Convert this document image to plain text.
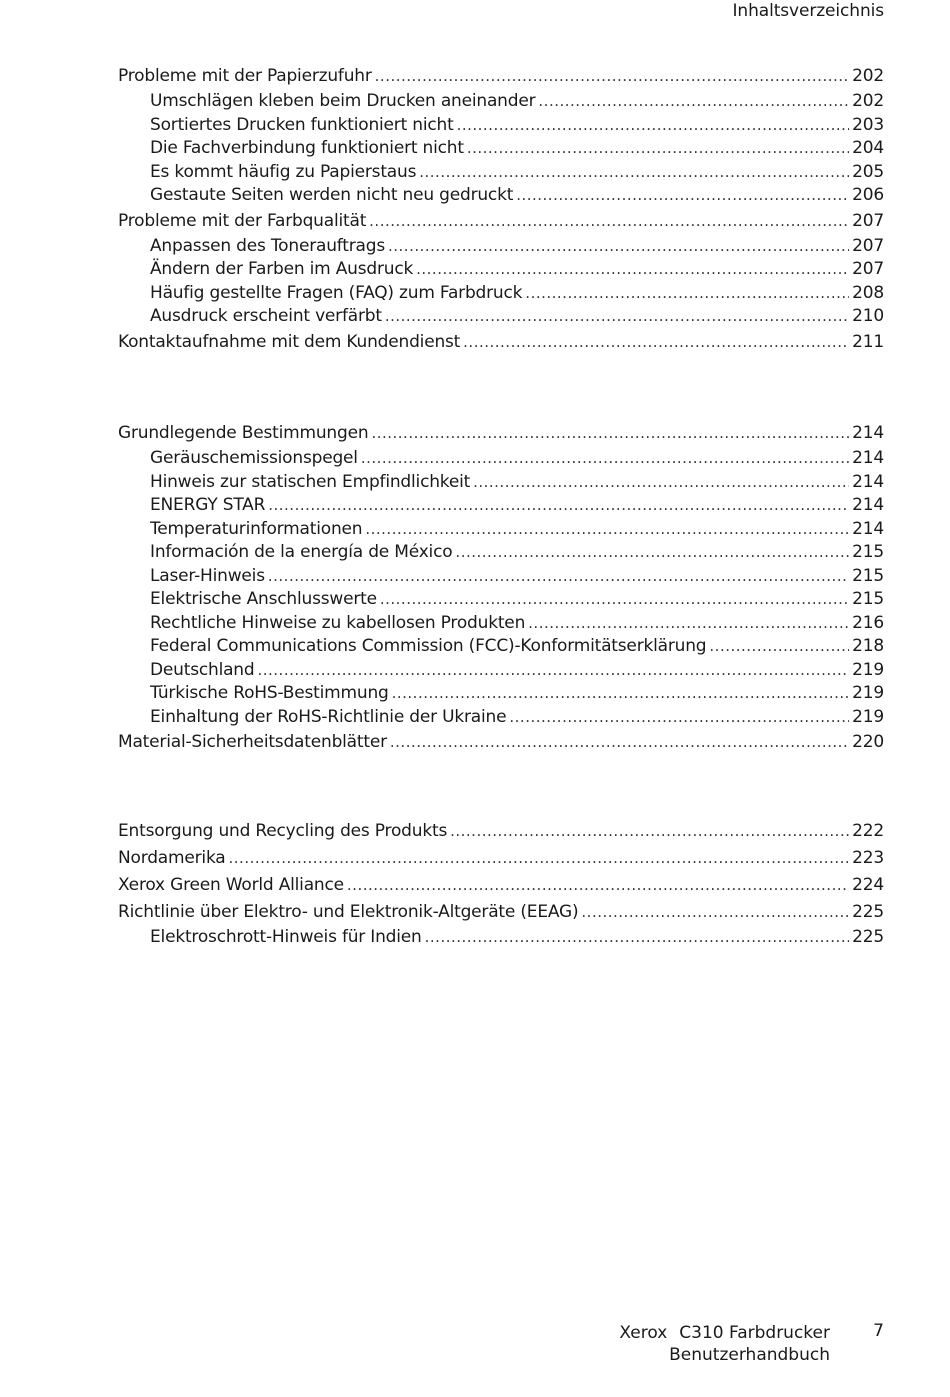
Inhaltsverzeichnis
Probleme mit der Papierzufuhr .....	202
Umschlägen kleben beim Drucken aneinander .....	202
Sortiertes Drucken funktioniert nicht .....	203
Die Fachverbindung funktioniert nicht .....	204
Es kommt häufig zu Papierstaus .....	205
Gestaute Seiten werden nicht neu gedruckt .....	206
Probleme mit der Farbqualität .....	207
Anpassen des Tonerauftrags .....	207
Ändern der Farben im Ausdruck .....	207
Häufig gestellte Fragen (FAQ) zum Farbdruck .....	208
Ausdruck erscheint verfärbt .....	210
Kontaktaufnahme mit dem Kundendienst .....	211
Grundlegende Bestimmungen .....	214
Geräuschemissionspegel .....	214
Hinweis zur statischen Empfindlichkeit .....	214
ENERGY STAR .....	214
Temperaturinformationen .....	214
Información de la energía de México .....	215
Laser-Hinweis .....	215
Elektrische Anschlusswerte .....	215
Rechtliche Hinweise zu kabellosen Produkten .....	216
Federal Communications Commission (FCC)-Konformitätserklärung .....	218
Deutschland .....	219
Türkische RoHS-Bestimmung .....	219
Einhaltung der RoHS-Richtlinie der Ukraine .....	219
Material-Sicherheitsdatenblätter .....	220
Entsorgung und Recycling des Produkts .....	222
Nordamerika .....	223
Xerox Green World Alliance .....	224
Richtlinie über Elektro- und Elektronik-Altgeräte (EEAG) .....	225
Elektroschrott-Hinweis für Indien .....	225
Xerox C310 Farbdrucker
Benutzerhandbuch
7
